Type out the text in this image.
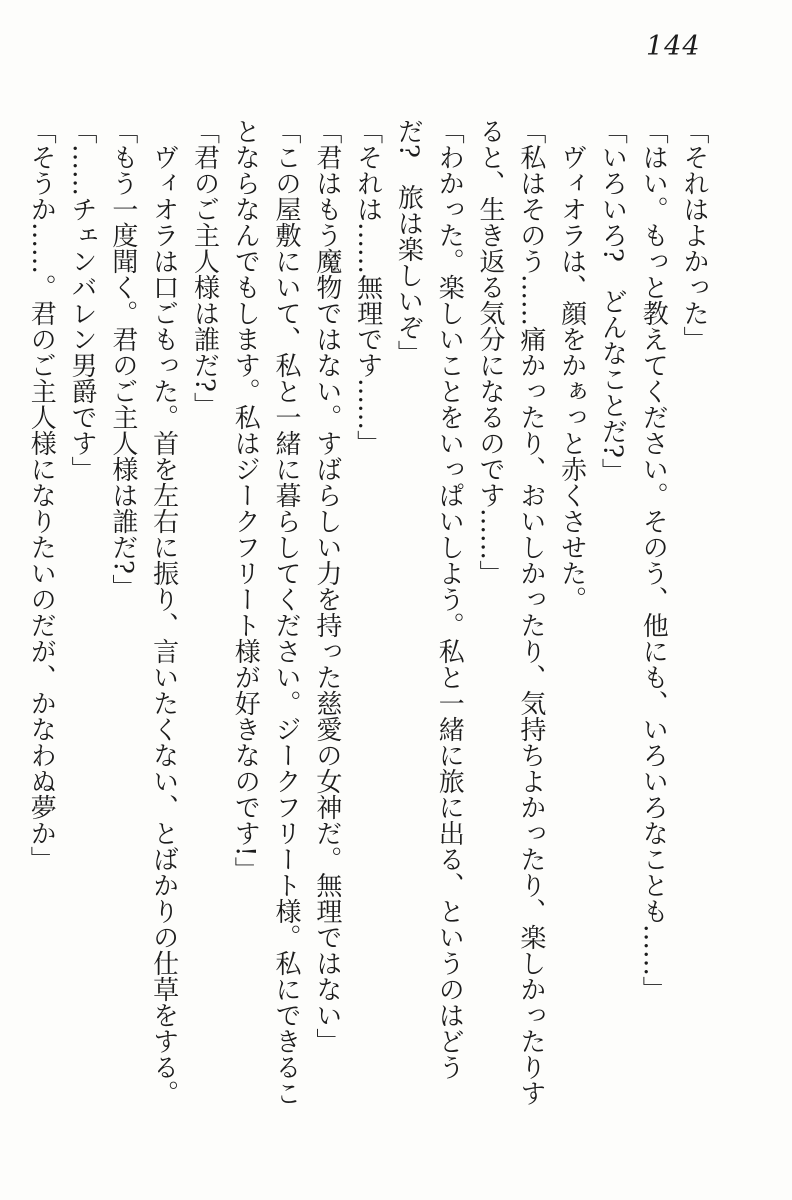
144
「それはよかった」
「はい。もっと教えてください。そのう、他にも、いろいろなことも……」
「いろいろ?　どんなことだ?」
ヴィオラは、顔をかぁっと赤くさせた。
「私はそのう……痛かったり、おいしかったり、気持ちよかったり、楽しかったりす
ると、生き返る気分になるのです……」
「わかった。楽しいことをいっぱいしよう。私と一緒に旅に出る、というのはどう
だ?　旅は楽しいぞ」
「それは……無理です……」
「君はもう魔物ではない。すばらしい力を持った慈愛の女神だ。無理ではない」
「この屋敷にいて、私と一緒に暮らしてください。ジークフリート様。私にできるこ
とならなんでもします。私はジークフリート様が好きなのです!」
「君のご主人様は誰だ?」
ヴィオラは口ごもった。首を左右に振り、言いたくない、とばかりの仕草をする。
「もう一度聞く。君のご主人様は誰だ?」
「……チェンバレン男爵です」
「そうか……。君のご主人様になりたいのだが、かなわぬ夢か」
